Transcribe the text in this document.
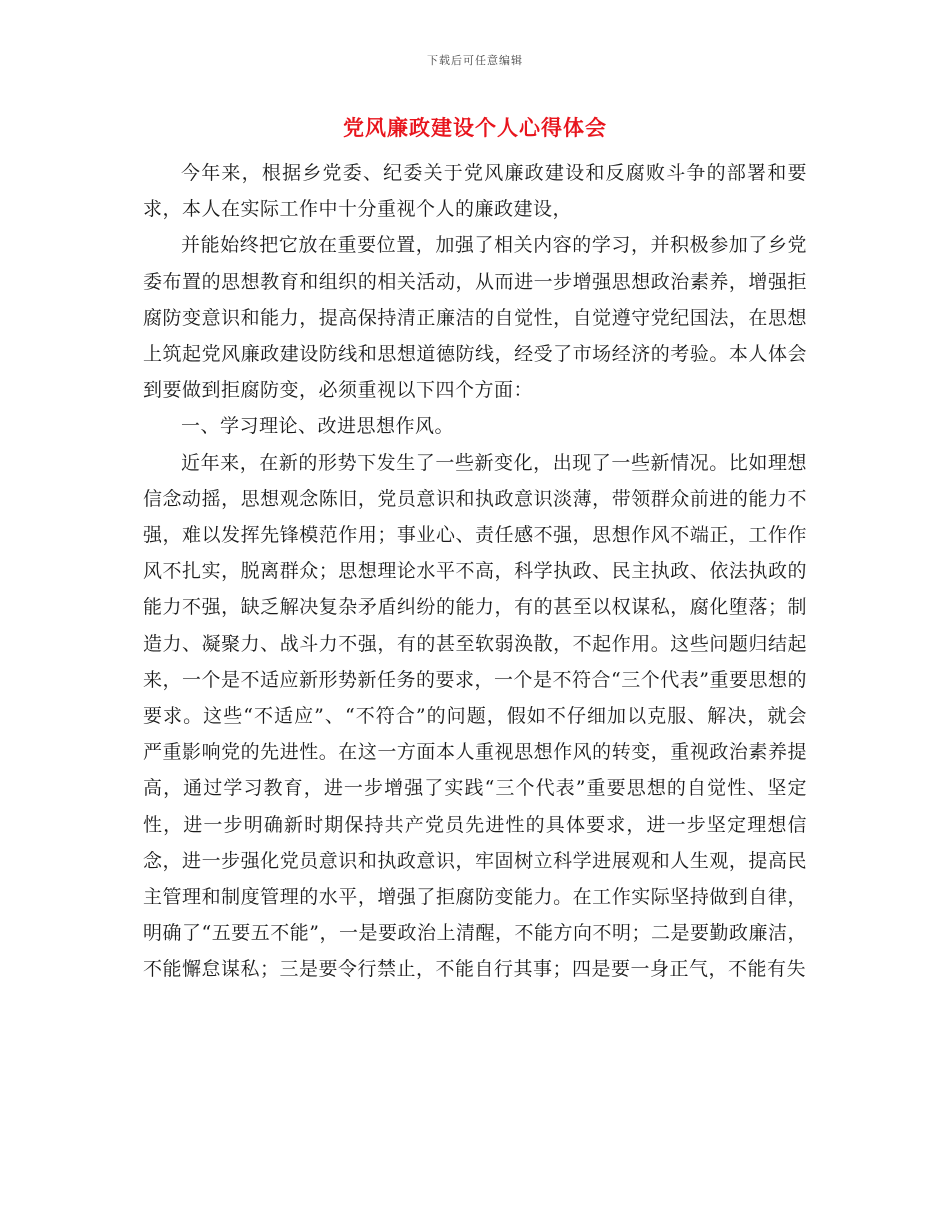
下载后可任意编辑
党风廉政建设个人心得体会

今年来，根据乡党委、纪委关于党风廉政建设和反腐败斗争的部署和要求，本人在实际工作中十分重视个人的廉政建设，

并能始终把它放在重要位置，加强了相关内容的学习，并积极参加了乡党委布置的思想教育和组织的相关活动，从而进一步增强思想政治素养，增强拒腐防变意识和能力，提高保持清正廉洁的自觉性，自觉遵守党纪国法，在思想上筑起党风廉政建设防线和思想道德防线，经受了市场经济的考验。本人体会到要做到拒腐防变，必须重视以下四个方面：

一、学习理论、改进思想作风。

近年来，在新的形势下发生了一些新变化，出现了一些新情况。比如理想信念动摇，思想观念陈旧，党员意识和执政意识淡薄，带领群众前进的能力不强，难以发挥先锋模范作用；事业心、责任感不强，思想作风不端正，工作作风不扎实，脱离群众；思想理论水平不高，科学执政、民主执政、依法执政的能力不强，缺乏解决复杂矛盾纠纷的能力，有的甚至以权谋私，腐化堕落；制造力、凝聚力、战斗力不强，有的甚至软弱涣散，不起作用。这些问题归结起来，一个是不适应新形势新任务的要求，一个是不符合“三个代表”重要思想的要求。这些“不适应”、“不符合”的问题，假如不仔细加以克服、解决，就会严重影响党的先进性。在这一方面本人重视思想作风的转变，重视政治素养提高，通过学习教育，进一步增强了实践“三个代表”重要思想的自觉性、坚定性，进一步明确新时期保持共产党员先进性的具体要求，进一步坚定理想信念，进一步强化党员意识和执政意识，牢固树立科学进展观和人生观，提高民主管理和制度管理的水平，增强了拒腐防变能力。在工作实际坚持做到自律，明确了“五要五不能”，一是要政治上清醒，不能方向不明；二是要勤政廉洁，不能懈怠谋私；三是要令行禁止，不能自行其事；四是要一身正气，不能有失
